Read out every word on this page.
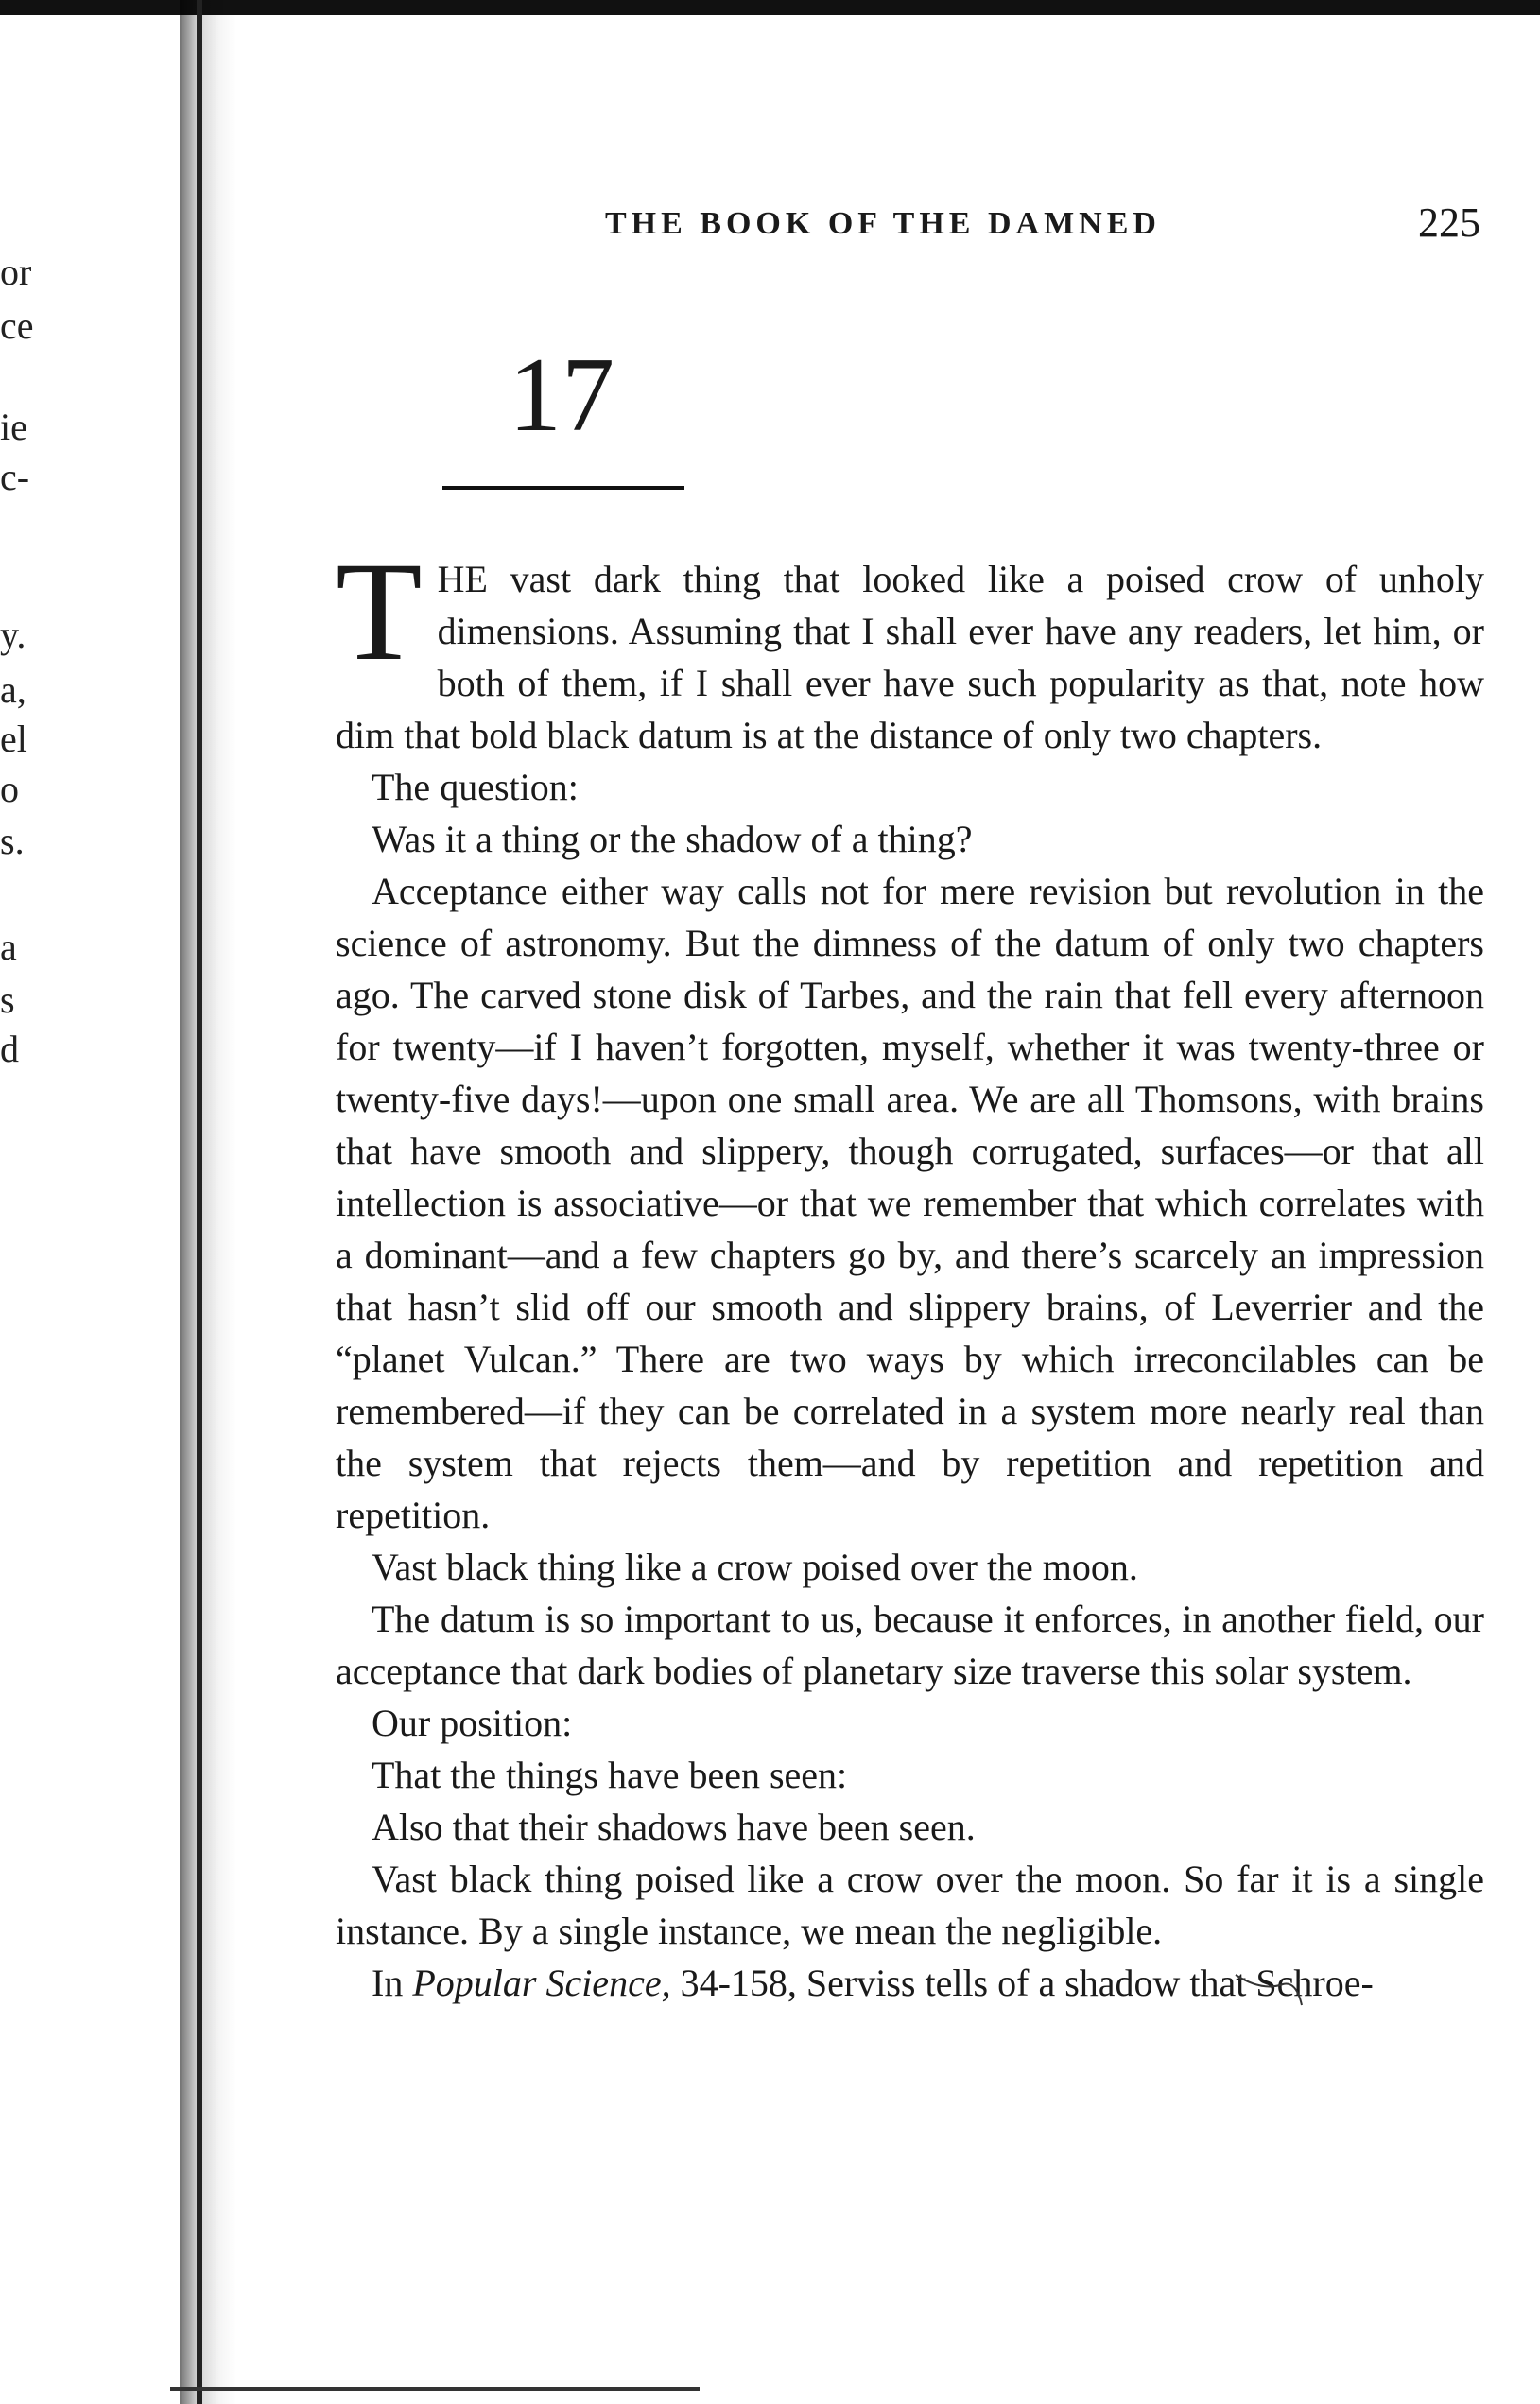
or
ce
ie
c-
y.
a,
el
o
s.
a
s
d
THE BOOK OF THE DAMNED	225
17

THE vast dark thing that looked like a poised crow of unholy dimensions. Assuming that I shall ever have any readers, let him, or both of them, if I shall ever have such popularity as that, note how dim that bold black datum is at the distance of only two chapters.

The question:

Was it a thing or the shadow of a thing?

Acceptance either way calls not for mere revision but revolution in the science of astronomy. But the dimness of the datum of only two chapters ago. The carved stone disk of Tarbes, and the rain that fell every afternoon for twenty—if I haven’t forgotten, myself, whether it was twenty-three or twenty-five days!—upon one small area. We are all Thomsons, with brains that have smooth and slippery, though corrugated, surfaces—or that all intellection is associative—or that we remember that which correlates with a dominant—and a few chapters go by, and there’s scarcely an impression that hasn’t slid off our smooth and slippery brains, of Leverrier and the “planet Vulcan.” There are two ways by which irreconcilables can be remembered—if they can be correlated in a system more nearly real than the system that rejects them—and by repetition and repetition and repetition.

Vast black thing like a crow poised over the moon.

The datum is so important to us, because it enforces, in another field, our acceptance that dark bodies of planetary size traverse this solar system.

Our position:

That the things have been seen:

Also that their shadows have been seen.

Vast black thing poised like a crow over the moon. So far it is a single instance. By a single instance, we mean the negligible.

In Popular Science, 34-158, Serviss tells of a shadow that Schroe-
